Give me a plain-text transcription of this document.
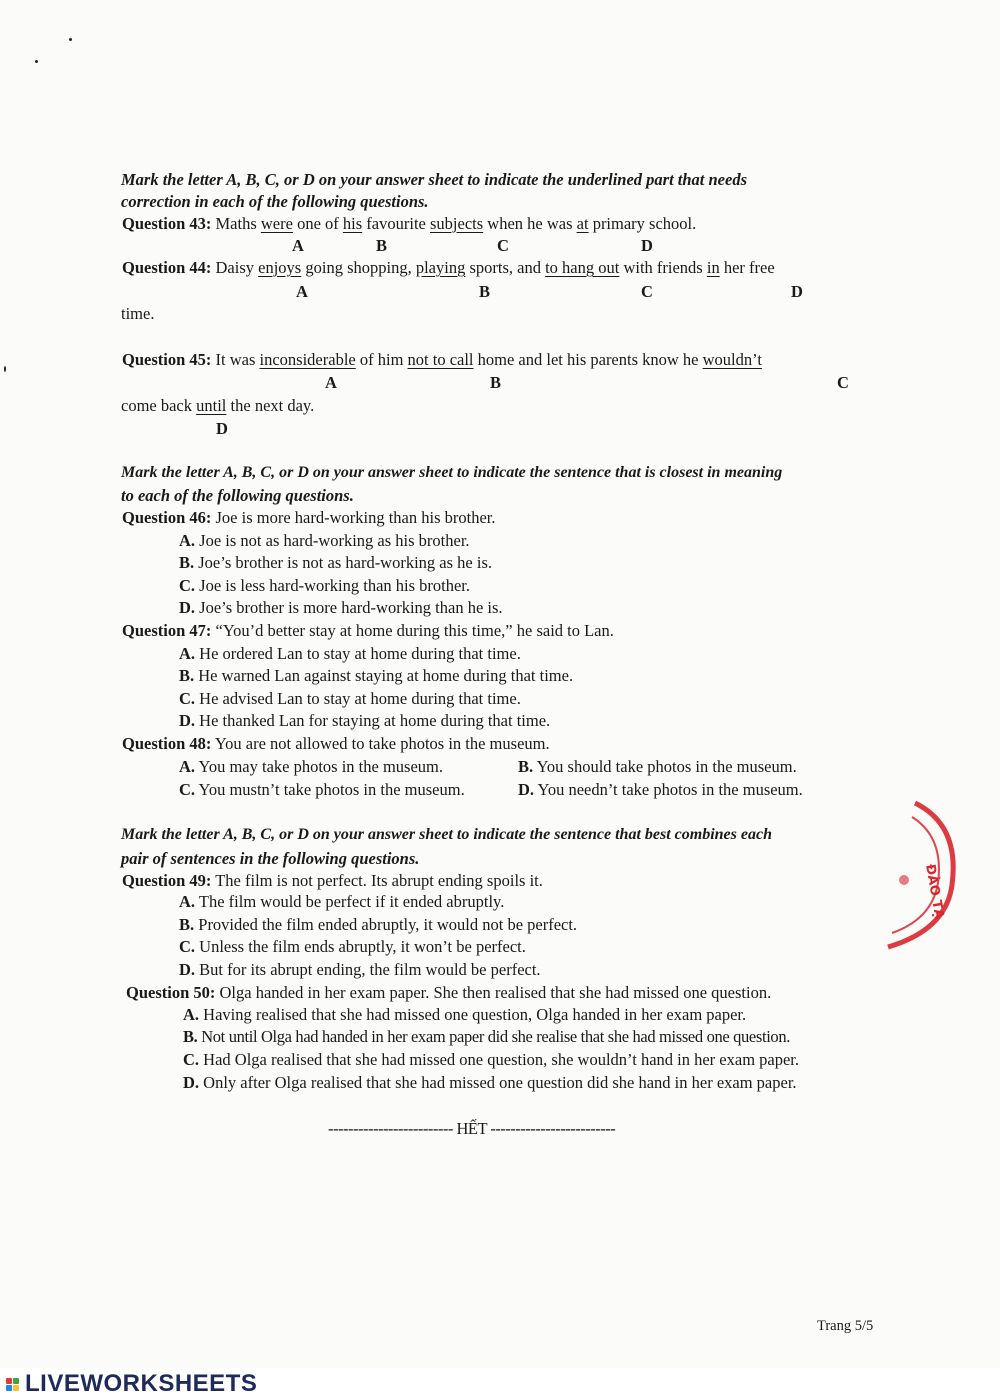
Mark the letter A, B, C, or D on your answer sheet to indicate the underlined part that needs
correction in each of the following questions.
Question 43: Maths were one of his favourite subjects when he was at primary school.
A	B	C	D
Question 44: Daisy enjoys going shopping, playing sports, and to hang out with friends in her free
A	B	C	D
time.
Question 45: It was inconsiderable of him not to call home and let his parents know he wouldn’t
A	B	C
come back until the next day.
D
Mark the letter A, B, C, or D on your answer sheet to indicate the sentence that is closest in meaning
to each of the following questions.
Question 46: Joe is more hard-working than his brother.
A. Joe is not as hard-working as his brother.
B. Joe’s brother is not as hard-working as he is.
C. Joe is less hard-working than his brother.
D. Joe’s brother is more hard-working than he is.
Question 47: “You’d better stay at home during this time,” he said to Lan.
A. He ordered Lan to stay at home during that time.
B. He warned Lan against staying at home during that time.
C. He advised Lan to stay at home during that time.
D. He thanked Lan for staying at home during that time.
Question 48: You are not allowed to take photos in the museum.
A. You may take photos in the museum.	B. You should take photos in the museum.
C. You mustn’t take photos in the museum.	D. You needn’t take photos in the museum.
Mark the letter A, B, C, or D on your answer sheet to indicate the sentence that best combines each
pair of sentences in the following questions.
Question 49: The film is not perfect. Its abrupt ending spoils it.
A. The film would be perfect if it ended abruptly.
B. Provided the film ended abruptly, it would not be perfect.
C. Unless the film ends abruptly, it won’t be perfect.
D. But for its abrupt ending, the film would be perfect.
Question 50: Olga handed in her exam paper. She then realised that she had missed one question.
A. Having realised that she had missed one question, Olga handed in her exam paper.
B. Not until Olga had handed in her exam paper did she realise that she had missed one question.
C. Had Olga realised that she had missed one question, she wouldn’t hand in her exam paper.
D. Only after Olga realised that she had missed one question did she hand in her exam paper.
ĐÀO TẠ
------------------------- HẾT -------------------------
Trang 5/5
LIVEWORKSHEETS
